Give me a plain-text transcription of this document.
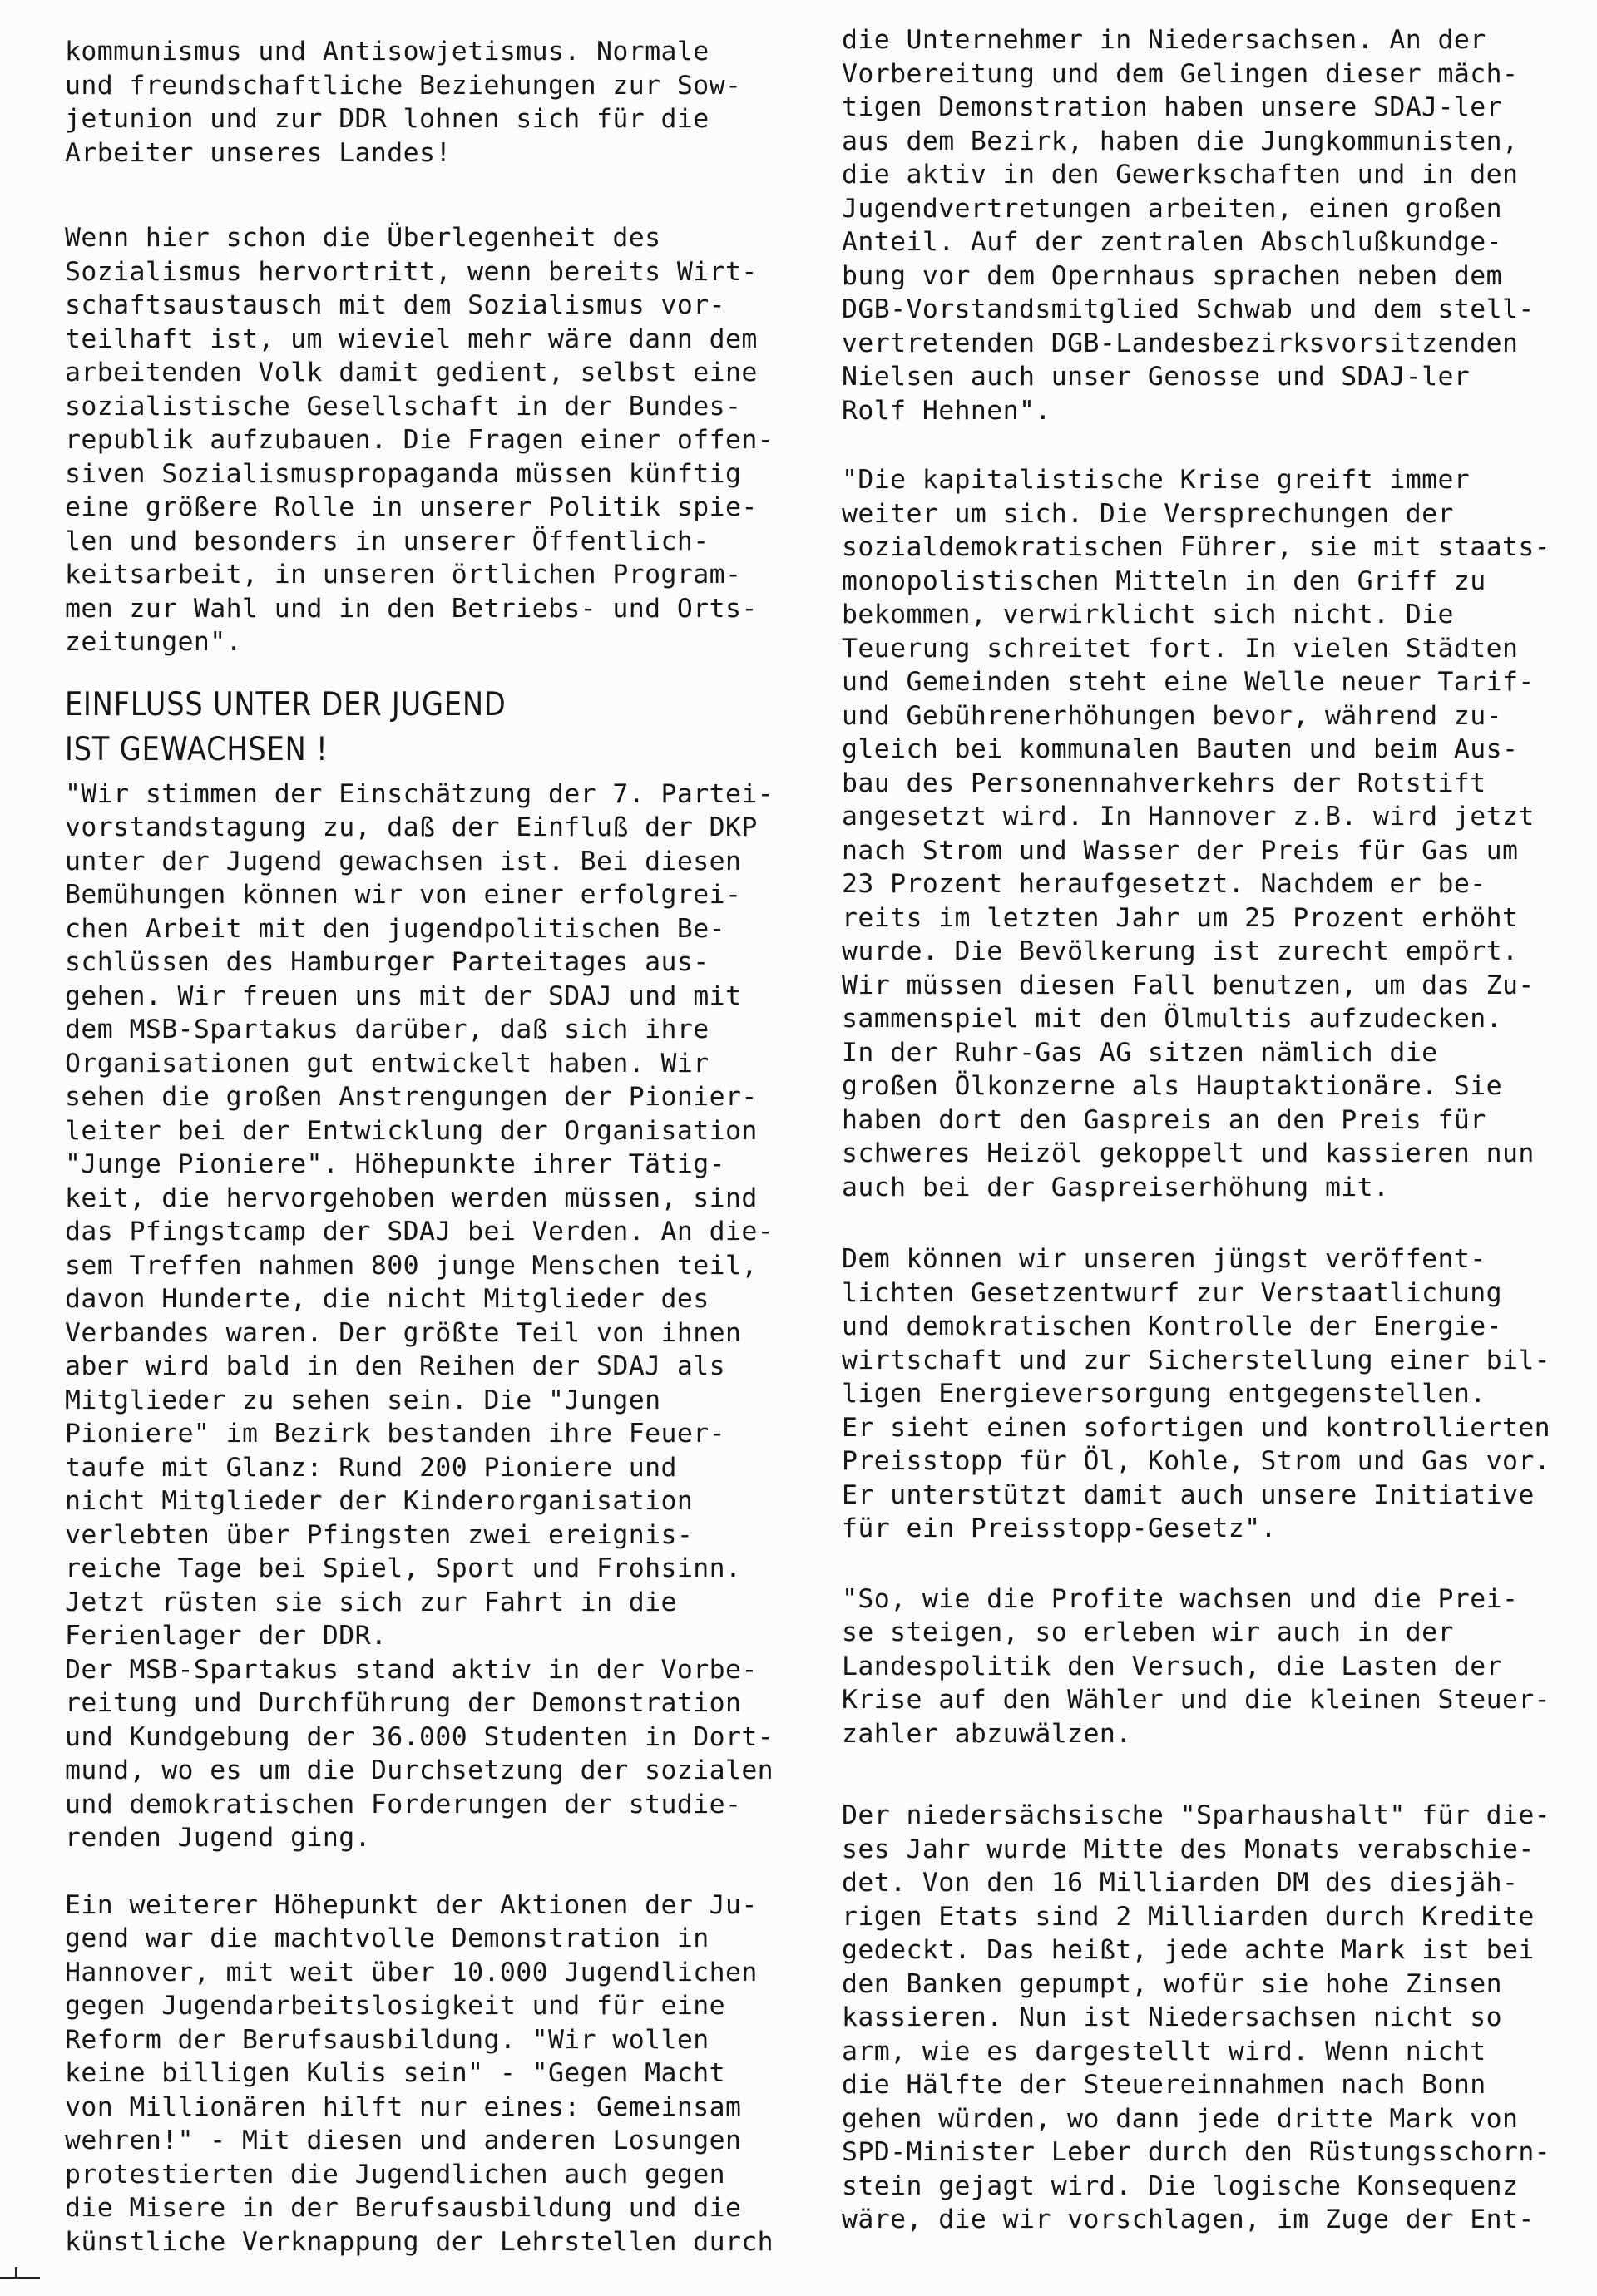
kommunismus und Antisowjetismus. Normale
und freundschaftliche Beziehungen zur Sow-
jetunion und zur DDR lohnen sich für die
Arbeiter unseres Landes!

Wenn hier schon die Überlegenheit des
Sozialismus hervortritt, wenn bereits Wirt-
schaftsaustausch mit dem Sozialismus vor-
teilhaft ist, um wieviel mehr wäre dann dem
arbeitenden Volk damit gedient, selbst eine
sozialistische Gesellschaft in der Bundes-
republik aufzubauen. Die Fragen einer offen-
siven Sozialismuspropaganda müssen künftig
eine größere Rolle in unserer Politik spie-
len und besonders in unserer Öffentlich-
keitsarbeit, in unseren örtlichen Program-
men zur Wahl und in den Betriebs- und Orts-
zeitungen".

EINFLUSS UNTER DER JUGEND
IST GEWACHSEN !

"Wir stimmen der Einschätzung der 7. Partei-
vorstandstagung zu, daß der Einfluß der DKP
unter der Jugend gewachsen ist. Bei diesen
Bemühungen können wir von einer erfolgrei-
chen Arbeit mit den jugendpolitischen Be-
schlüssen des Hamburger Parteitages aus-
gehen. Wir freuen uns mit der SDAJ und mit
dem MSB-Spartakus darüber, daß sich ihre
Organisationen gut entwickelt haben. Wir
sehen die großen Anstrengungen der Pionier-
leiter bei der Entwicklung der Organisation
"Junge Pioniere". Höhepunkte ihrer Tätig-
keit, die hervorgehoben werden müssen, sind
das Pfingstcamp der SDAJ bei Verden. An die-
sem Treffen nahmen 800 junge Menschen teil,
davon Hunderte, die nicht Mitglieder des
Verbandes waren. Der größte Teil von ihnen
aber wird bald in den Reihen der SDAJ als
Mitglieder zu sehen sein. Die "Jungen
Pioniere" im Bezirk bestanden ihre Feuer-
taufe mit Glanz: Rund 200 Pioniere und
nicht Mitglieder der Kinderorganisation
verlebten über Pfingsten zwei ereignis-
reiche Tage bei Spiel, Sport und Frohsinn.
Jetzt rüsten sie sich zur Fahrt in die
Ferienlager der DDR.
Der MSB-Spartakus stand aktiv in der Vorbe-
reitung und Durchführung der Demonstration
und Kundgebung der 36.000 Studenten in Dort-
mund, wo es um die Durchsetzung der sozialen
und demokratischen Forderungen der studie-
renden Jugend ging.

Ein weiterer Höhepunkt der Aktionen der Ju-
gend war die machtvolle Demonstration in
Hannover, mit weit über 10.000 Jugendlichen
gegen Jugendarbeitslosigkeit und für eine
Reform der Berufsausbildung. "Wir wollen
keine billigen Kulis sein" - "Gegen Macht
von Millionären hilft nur eines: Gemeinsam
wehren!" - Mit diesen und anderen Losungen
protestierten die Jugendlichen auch gegen
die Misere in der Berufsausbildung und die
künstliche Verknappung der Lehrstellen durch

die Unternehmer in Niedersachsen. An der
Vorbereitung und dem Gelingen dieser mäch-
tigen Demonstration haben unsere SDAJ-ler
aus dem Bezirk, haben die Jungkommunisten,
die aktiv in den Gewerkschaften und in den
Jugendvertretungen arbeiten, einen großen
Anteil. Auf der zentralen Abschlußkundge-
bung vor dem Opernhaus sprachen neben dem
DGB-Vorstandsmitglied Schwab und dem stell-
vertretenden DGB-Landesbezirksvorsitzenden
Nielsen auch unser Genosse und SDAJ-ler
Rolf Hehnen".

"Die kapitalistische Krise greift immer
weiter um sich. Die Versprechungen der
sozialdemokratischen Führer, sie mit staats-
monopolistischen Mitteln in den Griff zu
bekommen, verwirklicht sich nicht. Die
Teuerung schreitet fort. In vielen Städten
und Gemeinden steht eine Welle neuer Tarif-
und Gebührenerhöhungen bevor, während zu-
gleich bei kommunalen Bauten und beim Aus-
bau des Personennahverkehrs der Rotstift
angesetzt wird. In Hannover z.B. wird jetzt
nach Strom und Wasser der Preis für Gas um
23 Prozent heraufgesetzt. Nachdem er be-
reits im letzten Jahr um 25 Prozent erhöht
wurde. Die Bevölkerung ist zurecht empört.
Wir müssen diesen Fall benutzen, um das Zu-
sammenspiel mit den Ölmultis aufzudecken.
In der Ruhr-Gas AG sitzen nämlich die
großen Ölkonzerne als Hauptaktionäre. Sie
haben dort den Gaspreis an den Preis für
schweres Heizöl gekoppelt und kassieren nun
auch bei der Gaspreiserhöhung mit.

Dem können wir unseren jüngst veröffent-
lichten Gesetzentwurf zur Verstaatlichung
und demokratischen Kontrolle der Energie-
wirtschaft und zur Sicherstellung einer bil-
ligen Energieversorgung entgegenstellen.
Er sieht einen sofortigen und kontrollierten
Preisstopp für Öl, Kohle, Strom und Gas vor.
Er unterstützt damit auch unsere Initiative
für ein Preisstopp-Gesetz".

"So, wie die Profite wachsen und die Prei-
se steigen, so erleben wir auch in der
Landespolitik den Versuch, die Lasten der
Krise auf den Wähler und die kleinen Steuer-
zahler abzuwälzen.

Der niedersächsische "Sparhaushalt" für die-
ses Jahr wurde Mitte des Monats verabschie-
det. Von den 16 Milliarden DM des diesjäh-
rigen Etats sind 2 Milliarden durch Kredite
gedeckt. Das heißt, jede achte Mark ist bei
den Banken gepumpt, wofür sie hohe Zinsen
kassieren. Nun ist Niedersachsen nicht so
arm, wie es dargestellt wird. Wenn nicht
die Hälfte der Steuereinnahmen nach Bonn
gehen würden, wo dann jede dritte Mark von
SPD-Minister Leber durch den Rüstungsschorn-
stein gejagt wird. Die logische Konsequenz
wäre, die wir vorschlagen, im Zuge der Ent-
